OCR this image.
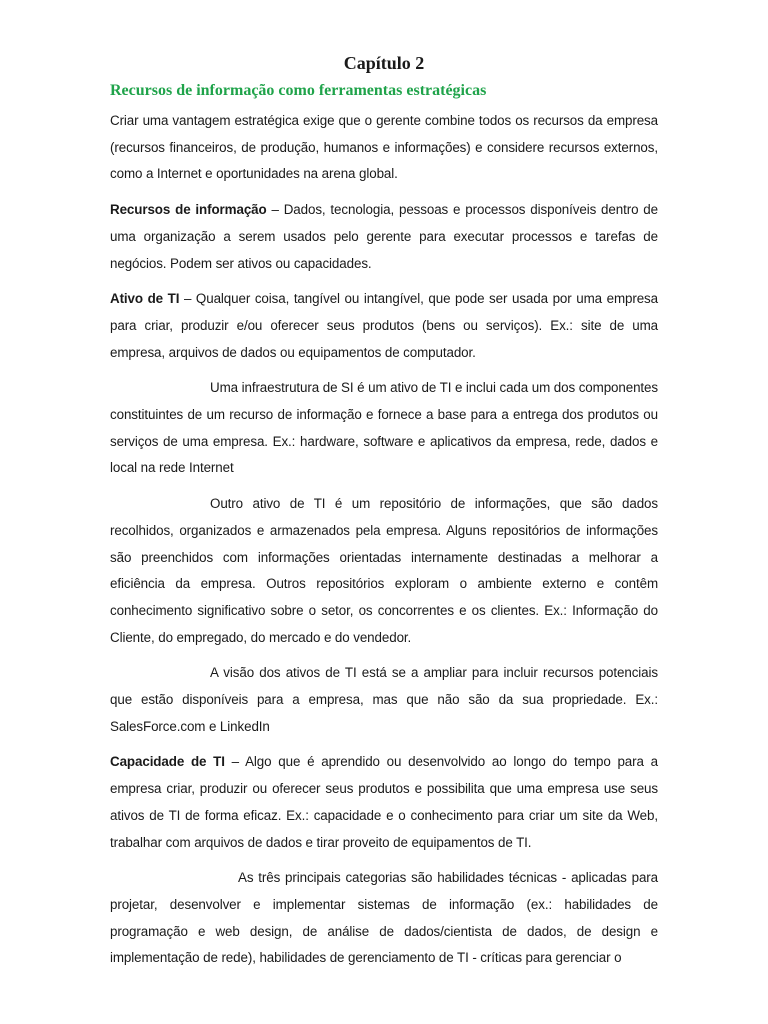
Capítulo 2
Recursos de informação como ferramentas estratégicas

Criar uma vantagem estratégica exige que o gerente combine todos os recursos da empresa (recursos financeiros, de produção, humanos e informações) e considere recursos externos, como a Internet e oportunidades na arena global.

Recursos de informação – Dados, tecnologia, pessoas e processos disponíveis dentro de uma organização a serem usados pelo gerente para executar processos e tarefas de negócios. Podem ser ativos ou capacidades.

Ativo de TI – Qualquer coisa, tangível ou intangível, que pode ser usada por uma empresa para criar, produzir e/ou oferecer seus produtos (bens ou serviços). Ex.: site de uma empresa, arquivos de dados ou equipamentos de computador.

Uma infraestrutura de SI é um ativo de TI e inclui cada um dos componentes constituintes de um recurso de informação e fornece a base para a entrega dos produtos ou serviços de uma empresa. Ex.: hardware, software e aplicativos da empresa, rede, dados e local na rede Internet

Outro ativo de TI é um repositório de informações, que são dados recolhidos, organizados e armazenados pela empresa. Alguns repositórios de informações são preenchidos com informações orientadas internamente destinadas a melhorar a eficiência da empresa. Outros repositórios exploram o ambiente externo e contêm conhecimento significativo sobre o setor, os concorrentes e os clientes. Ex.: Informação do Cliente, do empregado, do mercado e do vendedor.

A visão dos ativos de TI está se a ampliar para incluir recursos potenciais que estão disponíveis para a empresa, mas que não são da sua propriedade. Ex.: SalesForce.com e LinkedIn

Capacidade de TI – Algo que é aprendido ou desenvolvido ao longo do tempo para a empresa criar, produzir ou oferecer seus produtos e possibilita que uma empresa use seus ativos de TI de forma eficaz. Ex.: capacidade e o conhecimento para criar um site da Web, trabalhar com arquivos de dados e tirar proveito de equipamentos de TI.

As três principais categorias são habilidades técnicas - aplicadas para projetar, desenvolver e implementar sistemas de informação (ex.: habilidades de programação e web design, de análise de dados/cientista de dados, de design e implementação de rede), habilidades de gerenciamento de TI - críticas para gerenciar o
